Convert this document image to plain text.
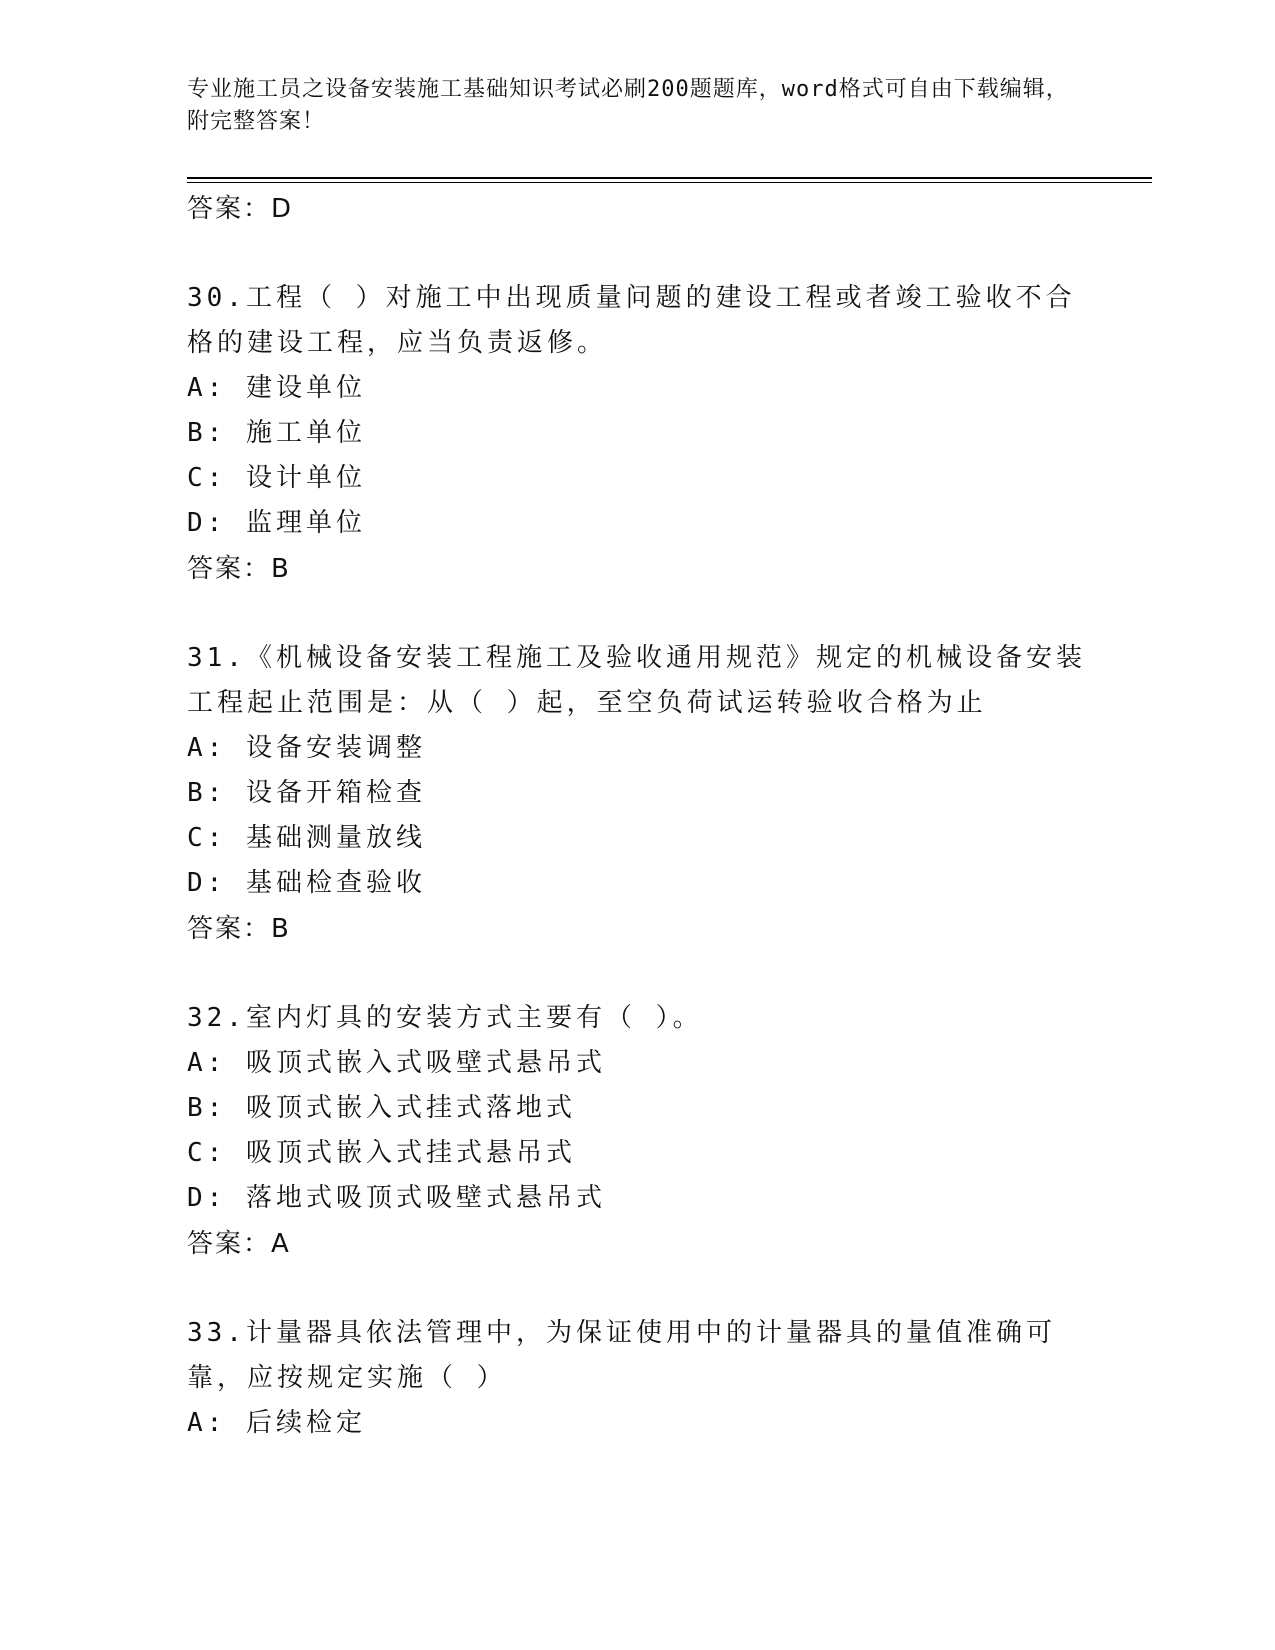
专业施工员之设备安装施工基础知识考试必刷200题题库，word格式可自由下载编辑，附完整答案！
答案：D
30.工程（ ）对施工中出现质量问题的建设工程或者竣工验收不合格的建设工程，应当负责返修。
A: 建设单位
B: 施工单位
C: 设计单位
D: 监理单位
答案：B
31.《机械设备安装工程施工及验收通用规范》规定的机械设备安装工程起止范围是：从（ ）起，至空负荷试运转验收合格为止
A: 设备安装调整
B: 设备开箱检查
C: 基础测量放线
D: 基础检查验收
答案：B
32.室内灯具的安装方式主要有（ ）。
A: 吸顶式嵌入式吸壁式悬吊式
B: 吸顶式嵌入式挂式落地式
C: 吸顶式嵌入式挂式悬吊式
D: 落地式吸顶式吸壁式悬吊式
答案：A
33.计量器具依法管理中，为保证使用中的计量器具的量值准确可靠，应按规定实施（ ）
A: 后续检定
